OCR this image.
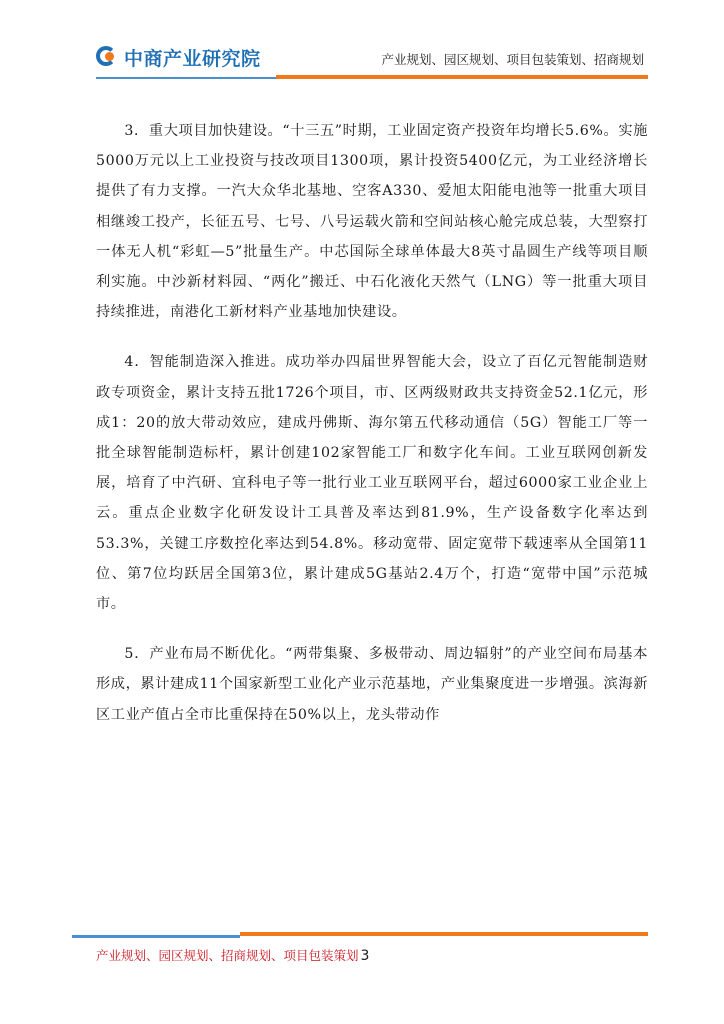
中商产业研究院	产业规划、园区规划、项目包装策划、招商规划

3．重大项目加快建设。“十三五”时期，工业固定资产投资年均增长5.6%。实施5000万元以上工业投资与技改项目1300项，累计投资5400亿元，为工业经济增长提供了有力支撑。一汽大众华北基地、空客A330、爱旭太阳能电池等一批重大项目相继竣工投产，长征五号、七号、八号运载火箭和空间站核心舱完成总装，大型察打一体无人机“彩虹—5”批量生产。中芯国际全球单体最大8英寸晶圆生产线等项目顺利实施。中沙新材料园、“两化”搬迁、中石化液化天然气（LNG）等一批重大项目持续推进，南港化工新材料产业基地加快建设。

4．智能制造深入推进。成功举办四届世界智能大会，设立了百亿元智能制造财政专项资金，累计支持五批1726个项目，市、区两级财政共支持资金52.1亿元，形成1：20的放大带动效应，建成丹佛斯、海尔第五代移动通信（5G）智能工厂等一批全球智能制造标杆，累计创建102家智能工厂和数字化车间。工业互联网创新发展，培育了中汽研、宜科电子等一批行业工业互联网平台，超过6000家工业企业上云。重点企业数字化研发设计工具普及率达到81.9%，生产设备数字化率达到53.3%，关键工序数控化率达到54.8%。移动宽带、固定宽带下载速率从全国第11位、第7位均跃居全国第3位，累计建成5G基站2.4万个，打造“宽带中国”示范城市。

5．产业布局不断优化。“两带集聚、多极带动、周边辐射”的产业空间布局基本形成，累计建成11个国家新型工业化产业示范基地，产业集聚度进一步增强。滨海新区工业产值占全市比重保持在50%以上，龙头带动作

产业规划、园区规划、招商规划、项目包装策划 3
